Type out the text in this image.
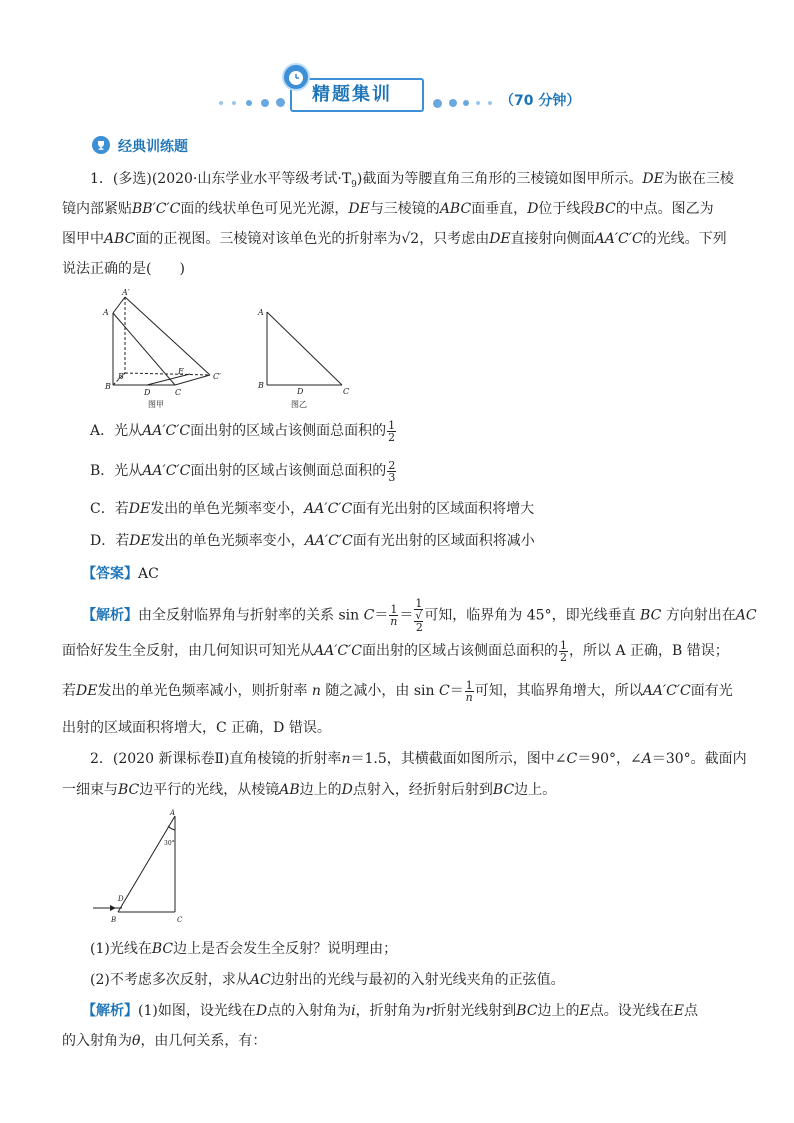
精题集训	（70 分钟）
经典训练题
1．(多选)(2020·山东学业水平等级考试$\cdot T_9$)截面为等腰直角三角形的三棱镜如图甲所示。DE为嵌在三棱
镜内部紧贴BB′C′C面的线状单色可见光光源，DE与三棱镜的ABC面垂直，D位于线段BC的中点。图乙为
图甲中ABC面的正视图。三棱镜对该单色光的折射率为√2，只考虑由DE直接射向侧面AA′C′C的光线。下列
说法正确的是(　　)
A′
A
B′
E
C′
D
B
C
图甲
A
B
D	C
图乙
A．光从AA′C′C面出射的区域占该侧面总面积的 $\frac{1}{2}$
B．光从AA′C′C面出射的区域占该侧面总面积的 $\frac{2}{3}$
C．若DE发出的单色光频率变小，AA′C′C面有光出射的区域面积将增大
D．若DE发出的单色光频率变小，AA′C′C面有光出射的区域面积将减小
【答案】AC
【解析】由全反射临界角与折射率的关系 $\sin C= \frac{1}{n}= 1$
√
2 可知，临界角为 45°，即光线垂直 BC 方向射出在AC
面恰好发生全反射，由几何知识可知光从AA′C′C面出射的区域占该侧面总面积的 $\frac{1}{2}$ ，所以 A 正确，B 错误；
若DE发出的单光色频率减小，则折射率 n 随之减小，由 $\sin C= \frac{1}{n}$可知，其临界角增大，所以AA′C′C面有光
出射的区域面积将增大，C 正确，D 错误。
2．(2020 新课标卷Ⅱ)直角棱镜的折射率n＝1.5，其横截面如图所示，图中∠C＝90°，∠A＝30°。截面内
一细束与BC边平行的光线，从棱镜AB边上的D点射入，经折射后射到BC边上。
A
30°
D
B	C
(1)光线在BC边上是否会发生全反射？说明理由；
(2)不考虑多次反射，求从AC边射出的光线与最初的入射光线夹角的正弦值。
【解析】(1)如图，设光线在D点的入射角为i，折射角为r折射光线射到BC边上的E点。设光线在E点
的入射角为θ，由几何关系，有：
